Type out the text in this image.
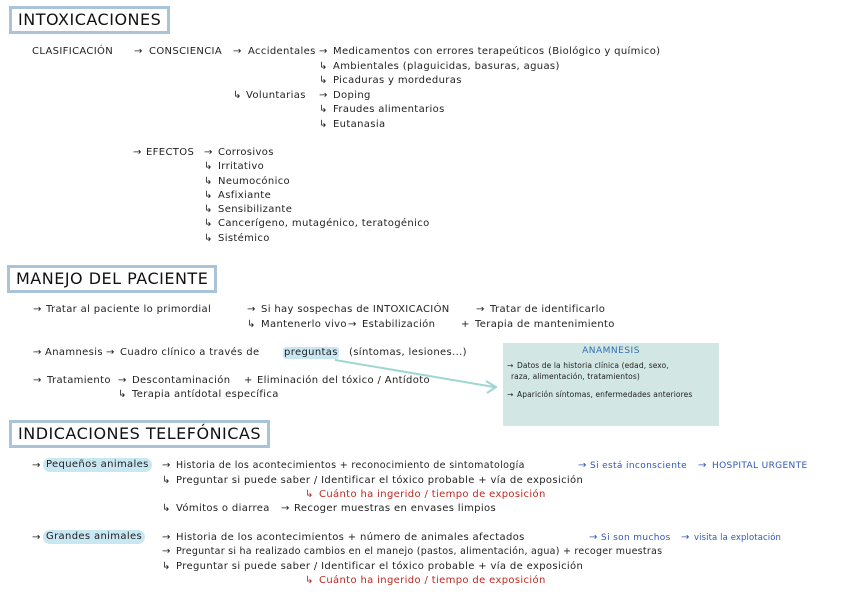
INTOXICACIONES
MANEJO DEL PACIENTE
INDICACIONES TELEFÓNICAS
CLASIFICACIÓN → CONSCIENCIA → Accidentales → Medicamentos con errores terapeúticos (Biológico y químico)
↳ Ambientales (plaguicidas, basuras, aguas)
↳ Picaduras y mordeduras
↳ Voluntarias → Doping
↳ Fraudes alimentarios
↳ Eutanasia
→ EFECTOS → Corrosivos
↳ Irritativo
↳ Neumocónico
↳ Asfixiante
↳ Sensibilizante
↳ Cancerígeno, mutagénico, teratogénico
↳ Sistémico
→ Tratar al paciente lo primordial	→ Si hay sospechas de INTOXICACIÓN	→ Tratar de identificarlo
↳ Mantenerlo vivo → Estabilización	+ Terapia de mantenimiento
→ Anamnesis → Cuadro clínico a través de preguntas (síntomas, lesiones...)
→ Tratamiento → Descontaminación + Eliminación del tóxico / Antídoto
↳ Terapia antídotal específica
ANAMNESIS
→ Datos de la historia clínica (edad, sexo,
raza, alimentación, tratamientos)
→ Aparición síntomas, enfermedades anteriores
→ Pequeños animales	→ Historia de los acontecimientos + reconocimiento de sintomatología	→ Si está inconsciente → HOSPITAL URGENTE
↳ Preguntar si puede saber / Identificar el tóxico probable + vía de exposición
↳ Cuánto ha ingerido / tiempo de exposición
↳ Vómitos o diarrea → Recoger muestras en envases limpios
→ Grandes animales	→ Historia de los acontecimientos + número de animales afectados	→ Si son muchos → visita la explotación
→ Preguntar si ha realizado cambios en el manejo (pastos, alimentación, agua) + recoger muestras
↳ Preguntar si puede saber / Identificar el tóxico probable + vía de exposición
↳ Cuánto ha ingerido / tiempo de exposición
